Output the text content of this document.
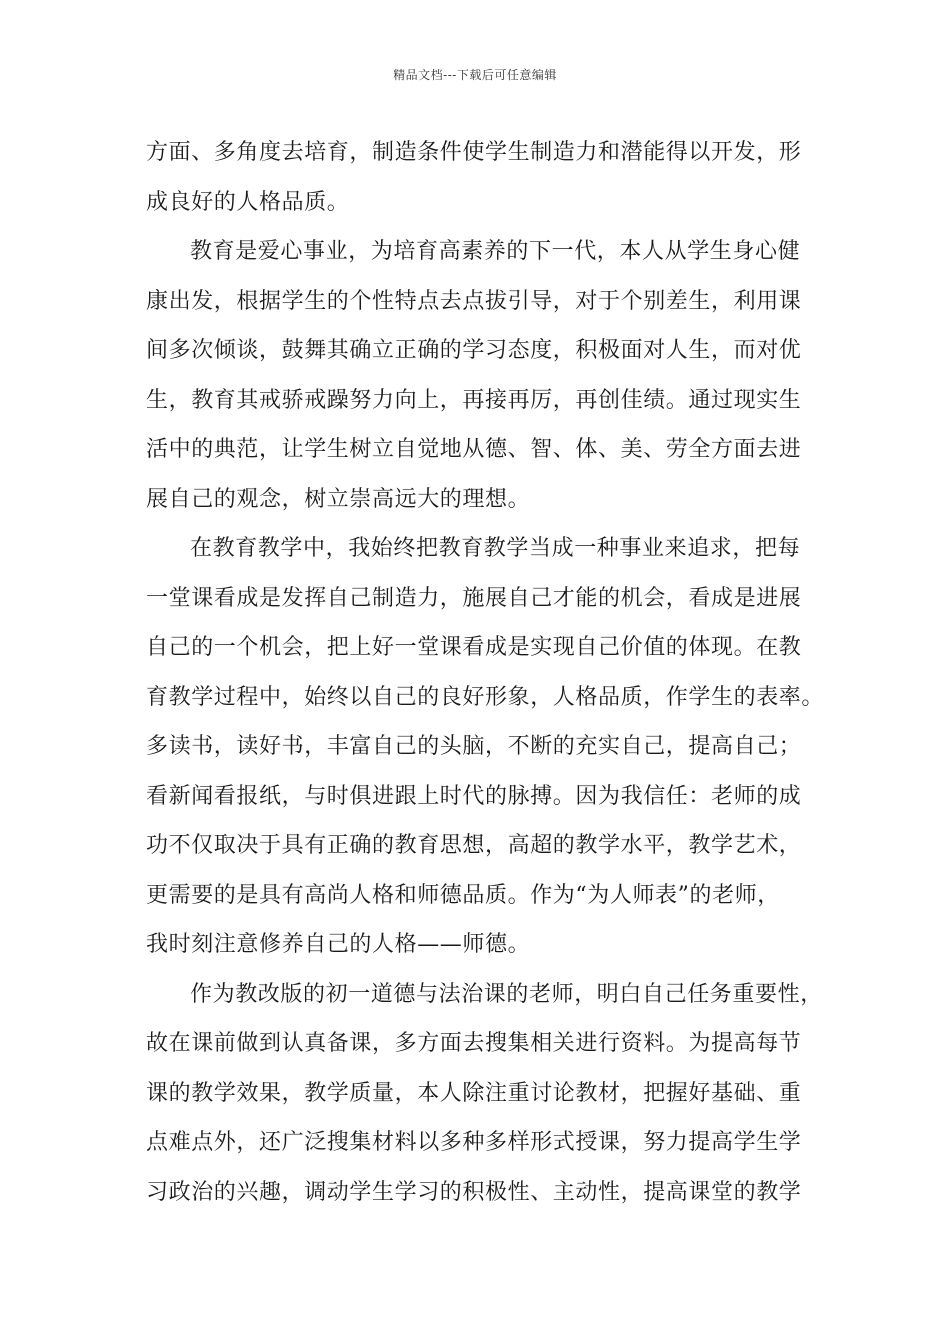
精品文档---下载后可任意编辑
方面、多角度去培育，制造条件使学生制造力和潜能得以开发，形
成良好的人格品质。
教育是爱心事业，为培育高素养的下一代，本人从学生身心健
康出发，根据学生的个性特点去点拔引导，对于个别差生，利用课
间多次倾谈，鼓舞其确立正确的学习态度，积极面对人生，而对优
生，教育其戒骄戒躁努力向上，再接再厉，再创佳绩。通过现实生
活中的典范，让学生树立自觉地从德、智、体、美、劳全方面去进
展自己的观念，树立崇高远大的理想。
在教育教学中，我始终把教育教学当成一种事业来追求，把每
一堂课看成是发挥自己制造力，施展自己才能的机会，看成是进展
自己的一个机会，把上好一堂课看成是实现自己价值的体现。在教
育教学过程中，始终以自己的良好形象，人格品质，作学生的表率。
多读书，读好书，丰富自己的头脑，不断的充实自己，提高自己；
看新闻看报纸，与时俱进跟上时代的脉搏。因为我信任：老师的成
功不仅取决于具有正确的教育思想，高超的教学水平，教学艺术，
更需要的是具有高尚人格和师德品质。作为“为人师表”的老师，
我时刻注意修养自己的人格——师德。
作为教改版的初一道德与法治课的老师，明白自己任务重要性，
故在课前做到认真备课，多方面去搜集相关进行资料。为提高每节
课的教学效果，教学质量，本人除注重讨论教材，把握好基础、重
点难点外，还广泛搜集材料以多种多样形式授课，努力提高学生学
习政治的兴趣，调动学生学习的积极性、主动性，提高课堂的教学
